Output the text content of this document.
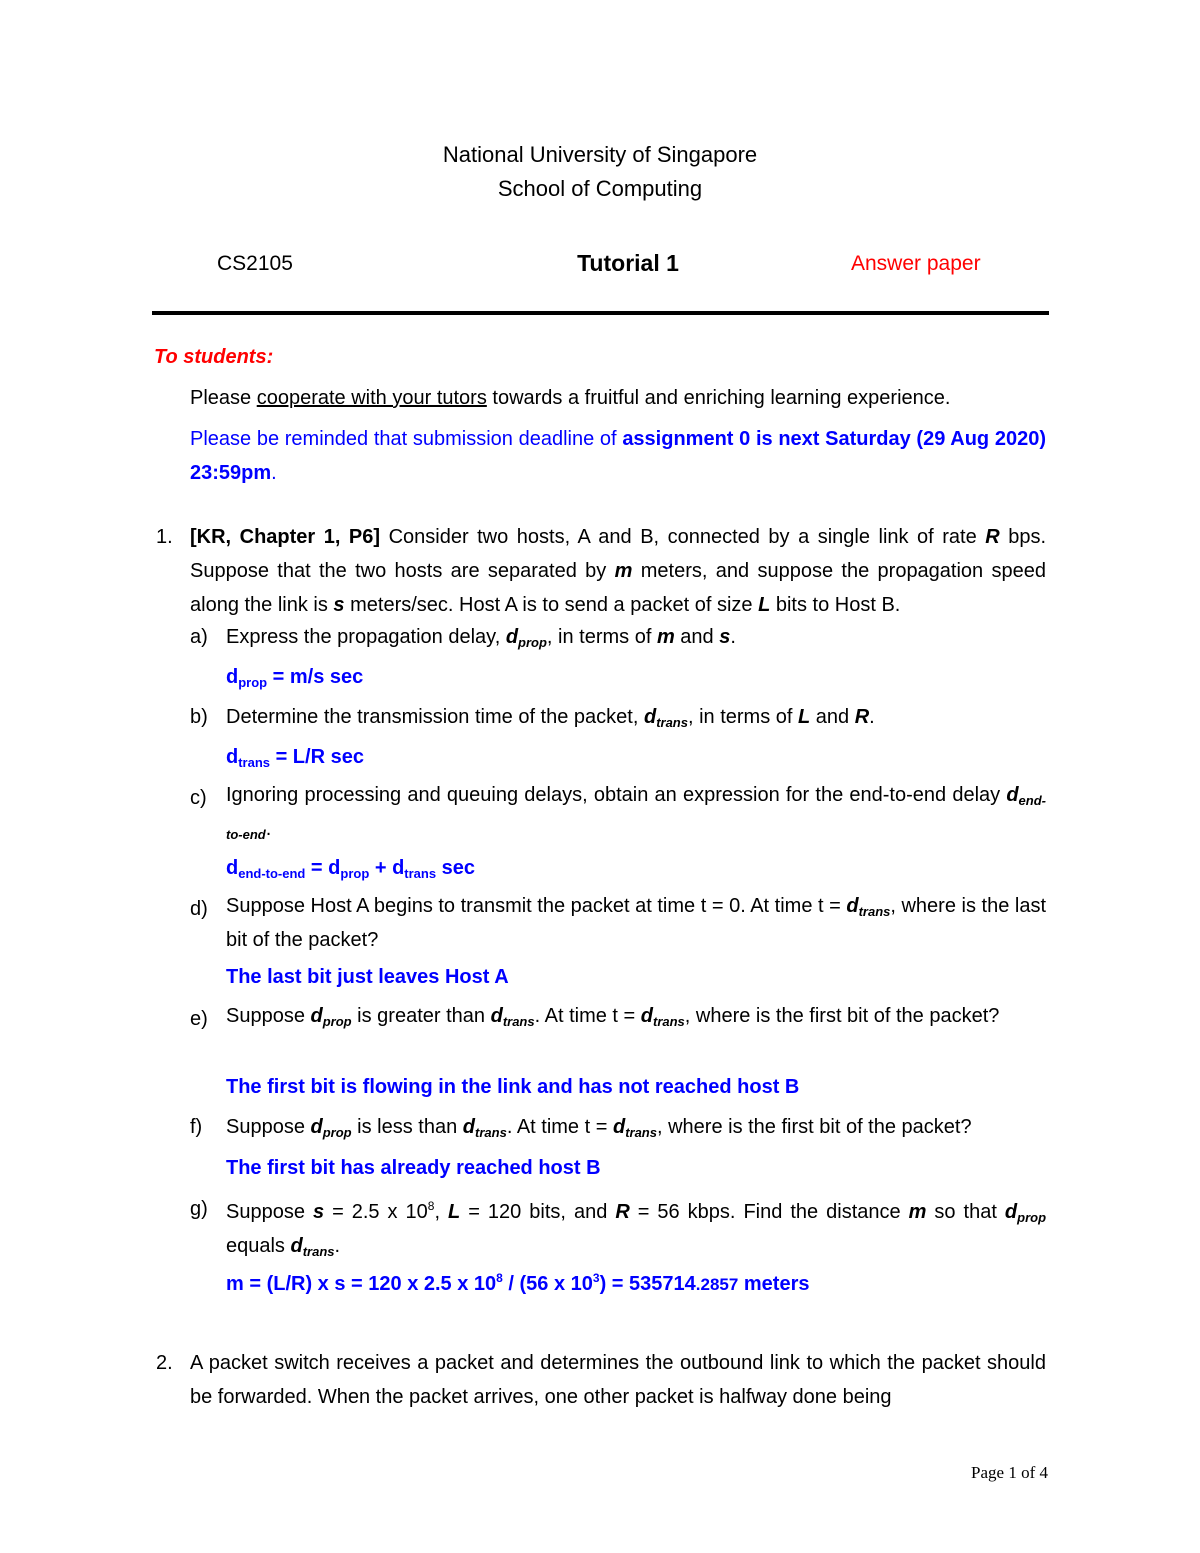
National University of Singapore
School of Computing
CS2105	Tutorial 1	Answer paper
To students:
Please cooperate with your tutors towards a fruitful and enriching learning experience.
Please be reminded that submission deadline of assignment 0 is next Saturday (29 Aug 2020) 23:59pm.
1. [KR, Chapter 1, P6] Consider two hosts, A and B, connected by a single link of rate R bps. Suppose that the two hosts are separated by m meters, and suppose the propagation speed along the link is s meters/sec. Host A is to send a packet of size L bits to Host B.
a) Express the propagation delay, $d_{prop}$, in terms of m and s.
$d_{prop} = m/s$ sec
b) Determine the transmission time of the packet, $d_{trans}$, in terms of L and R.
$d_{trans} = L/R$ sec
c) Ignoring processing and queuing delays, obtain an expression for the end-to-end delay $d_{end-to-end}$.
$d_{end-to-end} = d_{prop} + d_{trans}$ sec
d) Suppose Host A begins to transmit the packet at time t = 0. At time $t = d_{trans}$, where is the last bit of the packet?
The last bit just leaves Host A
e) Suppose $d_{prop}$ is greater than $d_{trans}$. At time $t = d_{trans}$, where is the first bit of the packet?
The first bit is flowing in the link and has not reached host B
f) Suppose $d_{prop}$ is less than $d_{trans}$. At time $t = d_{trans}$, where is the first bit of the packet?
The first bit has already reached host B
g) Suppose s = 2.5 x $10^8$, L = 120 bits, and R = 56 kbps. Find the distance m so that $d_{prop}$ equals $d_{trans}$.
m = (L/R) x s = 120 x 2.5 x $10^8 / (56$ x $10^3) = 535714.2857$ meters
2. A packet switch receives a packet and determines the outbound link to which the packet should be forwarded. When the packet arrives, one other packet is halfway done being
Page 1 of 4
